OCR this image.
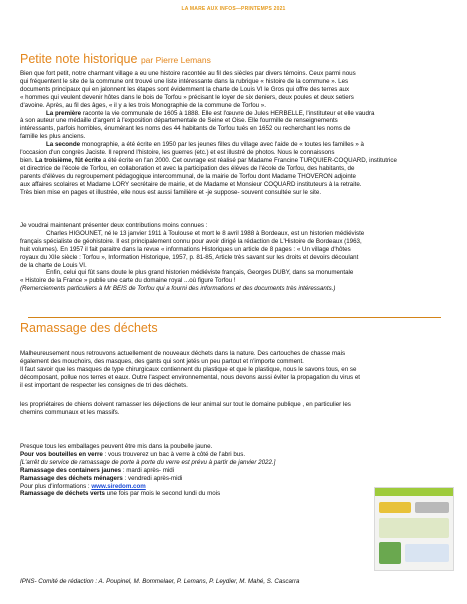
LA MARE AUX INFOS—PRINTEMPS 2021
Petite note historique par Pierre Lemans

Bien que fort petit, notre charmant village a eu une histoire racontée au fil des siècles par divers témoins. Ceux parmi nous

qui fréquentent le site de la commune ont trouvé une liste intéressante dans la rubrique « histoire de la commune ». Les

documents principaux qui en jalonnent les étapes sont évidemment la charte de Louis VI le Gros qui offre des terres aux

« hommes qui veulent devenir hôtes dans le bois de Torfou » précisant le loyer de six deniers, deux poules et deux setiers

d'avoine. Après, au fil des âges, « il y a les trois Monographie de la commune de Torfou ».

La première raconte la vie communale de 1605 à 1888. Elle est l'œuvre de Jules HERBELLE, l'instituteur et elle vaudra

à son auteur une médaille d'argent à l'exposition départementale de Seine et Oise. Elle fourmille de renseignements

intéressants, parfois horribles, énumérant les noms des 44 habitants de Torfou tués en 1652 ou recherchant les noms de

famille les plus anciens.

La seconde monographie, a été écrite en 1950 par les jeunes filles du village avec l'aide de « toutes les familles » à

l'occasion d'un congrès Jaciste. Il reprend l'histoire, les guerres (etc.) et est illustré de photos. Nous le connaissons

bien. La troisième, fût écrite a été écrite en l'an 2000. Cet ouvrage est réalisé par Madame Francine TURQUIER-COQUARD, institutrice

et directrice de l'école de Torfou, en collaboration et avec la participation des élèves de l'école de Torfou, des habitants, de

parents d'élèves du regroupement pédagogique intercommunal, de la mairie de Torfou dont Madame THOVERON adjointe

aux affaires scolaires et Madame LORY secrétaire de mairie, et de Madame et Monsieur COQUARD instituteurs à la retraite.

Très bien mise en pages et illustrée, elle nous est aussi familière et -je suppose- souvent consultée sur le site.

Je voudrai maintenant présenter deux contributions moins connues :

Charles HIGOUNET, né le 13 janvier 1911 à Toulouse et mort le 8 avril 1988 à Bordeaux, est un historien médiéviste

français spécialiste de géohistoire. Il est principalement connu pour avoir dirigé la rédaction de L'Histoire de Bordeaux (1963,

huit volumes). En 1957 il fait paraitre dans la revue « informations Historiques un article de 8 pages : « Un village d'hôtes

royaux du XIIe siècle : Torfou », Information Historique, 1957, p. 81-85, Article très savant sur les droits et devoirs découlant

de la charte de Louis VI.

Enfin, celui qui fût sans doute le plus grand historien médiéviste français, Georges DUBY, dans sa monumentale

« Histoire de la France » publie une carte du domaine royal ...où figure Torfou !

(Remerciements particuliers à Mr BEIS de Torfou qui a fourni des informations et des documents très intéressants.)

Ramassage des déchets

Malheureusement nous retrouvons actuellement de nouveaux déchets dans la nature. Des cartouches de chasse mais

également des mouchoirs, des masques, des gants qui sont jetés un peu partout et n'importe comment.

Il faut savoir que les masques de type chirurgicaux contiennent du plastique et que le plastique, nous le savons tous, en se

décomposant, pollue nos terres et eaux. Outre l'aspect environnemental, nous devons aussi éviter la propagation du virus et

il est important de respecter les consignes de tri des déchets.

les propriétaires de chiens doivent ramasser les déjections de leur animal sur tout le domaine publique , en particulier les

chemins communaux et les massifs.

Presque tous les emballages peuvent être mis dans la poubelle jaune.

Pour vos bouteilles en verre : vous trouverez un bac à verre à côté de l'abri bus.

[L'arrêt du service de ramassage de porte à porte du verre est prévu à partir de janvier 2022.]

Ramassage des containers jaunes : mardi après- midi

Ramassage des déchets ménagers : vendredi après-midi

Pour plus d'informations : www.siredom.com

Ramassage de déchets verts une fois par mois le second lundi du mois

IPNS- Comité de rédaction : A. Poupinel, M. Bommelaer, P. Lemans, P. Leydier, M. Mahé, S. Cascarra
